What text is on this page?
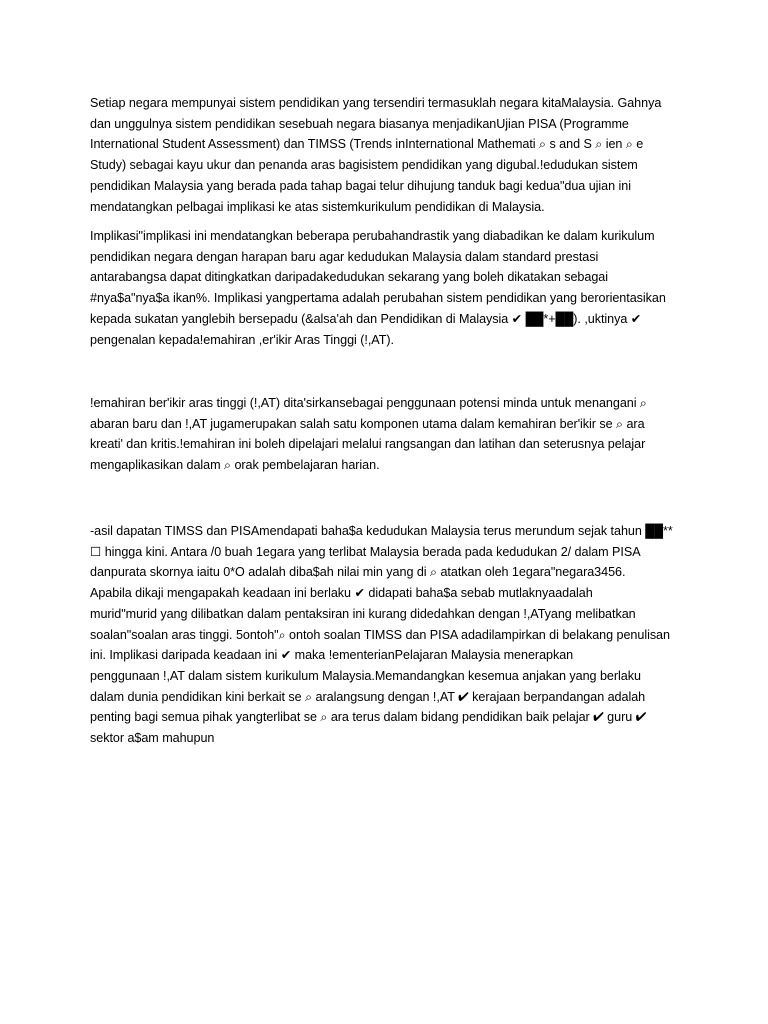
Setiap negara mempunyai sistem pendidikan yang tersendiri termasuklah negara kitaMalaysia. Gahnya
dan unggulnya sistem pendidikan sesebuah negara biasanya menjadikanUjian PISA (Programme
International Student Assessment) dan TIMSS (Trends inInternational Mathemati ⌕ s and S ⌕ ien ⌕ e
Study) sebagai kayu ukur dan penanda aras bagisistem pendidikan yang digubal.!edudukan sistem
pendidikan Malaysia yang berada pada tahap bagai telur dihujung tanduk bagi kedua"dua ujian ini
mendatangkan pelbagai implikasi ke atas sistemkurikulum pendidikan di Malaysia.

Implikasi"implikasi ini mendatangkan beberapa perubahandrastik yang diabadikan ke dalam kurikulum
pendidikan negara dengan harapan baru agar kedudukan Malaysia dalam standard prestasi
antarabangsa dapat ditingkatkan daripadakedudukan sekarang yang boleh dikatakan sebagai
#nya$a"nya$a ikan%. Implikasi yangpertama adalah perubahan sistem pendidikan yang berorientasikan
kepada sukatan yanglebih bersepadu (&alsa'ah dan Pendidikan di Malaysia ✔ ██*+██). ,uktinya ✔
pengenalan kepada!emahiran ,er'ikir Aras Tinggi (!,AT).

!emahiran ber'ikir aras tinggi (!,AT) dita'sirkansebagai penggunaan potensi minda untuk menangani ⌕
abaran baru dan !,AT jugamerupakan salah satu komponen utama dalam kemahiran ber'ikir se ⌕ ara
kreati' dan kritis.!emahiran ini boleh dipelajari melalui rangsangan dan latihan dan seterusnya pelajar
mengaplikasikan dalam ⌕ orak pembelajaran harian.

-asil dapatan TIMSS dan PISAmendapati baha$a kedudukan Malaysia terus merundum sejak tahun ██**
☐ hingga kini. Antara /0 buah 1egara yang terlibat Malaysia berada pada kedudukan 2/ dalam PISA
danpurata skornya iaitu 0*O adalah diba$ah nilai min yang di ⌕ atatkan oleh 1egara"negara3456.
Apabila dikaji mengapakah keadaan ini berlaku ✔ didapati baha$a sebab mutlaknyaadalah
murid"murid yang dilibatkan dalam pentaksiran ini kurang didedahkan dengan !,ATyang melibatkan
soalan"soalan aras tinggi. 5ontoh"⌕ ontoh soalan TIMSS dan PISA adadilampirkan di belakang penulisan
ini. Implikasi daripada keadaan ini ✔ maka !ementerianPelajaran Malaysia menerapkan
penggunaan !,AT dalam sistem kurikulum Malaysia.Memandangkan kesemua anjakan yang berlaku
dalam dunia pendidikan kini berkait se ⌕ aralangsung dengan !,AT ✔ kerajaan berpandangan adalah
penting bagi semua pihak yangterlibat se ⌕ ara terus dalam bidang pendidikan baik pelajar ✔ guru ✔
sektor a$am mahupun
